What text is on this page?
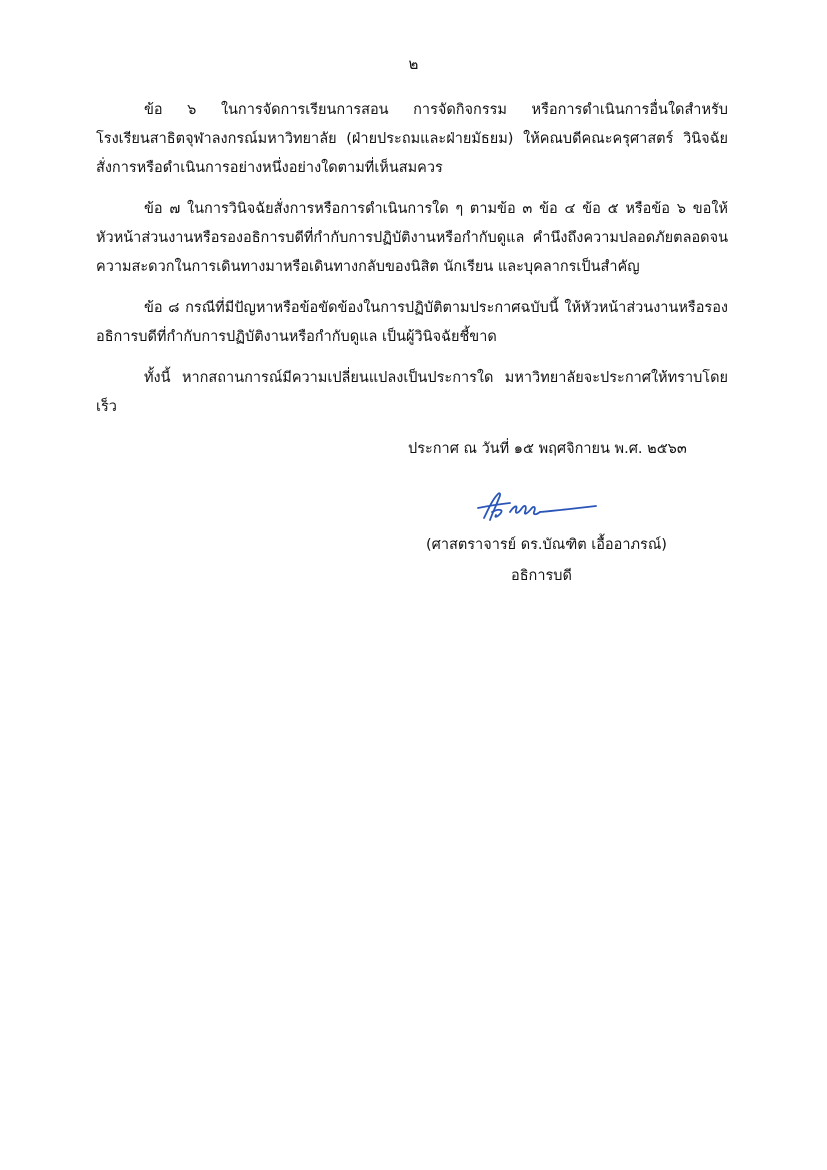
๒

ข้อ ๖ ในการจัดการเรียนการสอน การจัดกิจกรรม หรือการดำเนินการอื่นใดสำหรับโรงเรียนสาธิตจุฬาลงกรณ์มหาวิทยาลัย (ฝ่ายประถมและฝ่ายมัธยม) ให้คณบดีคณะครุศาสตร์ วินิจฉัยสั่งการหรือดำเนินการอย่างหนึ่งอย่างใดตามที่เห็นสมควร

ข้อ ๗ ในการวินิจฉัยสั่งการหรือการดำเนินการใด ๆ ตามข้อ ๓ ข้อ ๔ ข้อ ๕ หรือข้อ ๖ ขอให้หัวหน้าส่วนงานหรือรองอธิการบดีที่กำกับการปฏิบัติงานหรือกำกับดูแล คำนึงถึงความปลอดภัยตลอดจนความสะดวกในการเดินทางมาหรือเดินทางกลับของนิสิต นักเรียน และบุคลากรเป็นสำคัญ

ข้อ ๘ กรณีที่มีปัญหาหรือข้อขัดข้องในการปฏิบัติตามประกาศฉบับนี้ ให้หัวหน้าส่วนงานหรือรองอธิการบดีที่กำกับการปฏิบัติงานหรือกำกับดูแล เป็นผู้วินิจฉัยชี้ขาด

ทั้งนี้ หากสถานการณ์มีความเปลี่ยนแปลงเป็นประการใด มหาวิทยาลัยจะประกาศให้ทราบโดยเร็ว

ประกาศ ณ วันที่ ๑๕ พฤศจิกายน พ.ศ. ๒๕๖๓
(ศาสตราจารย์ ดร.บัณฑิต เอื้ออาภรณ์)
อธิการบดี
